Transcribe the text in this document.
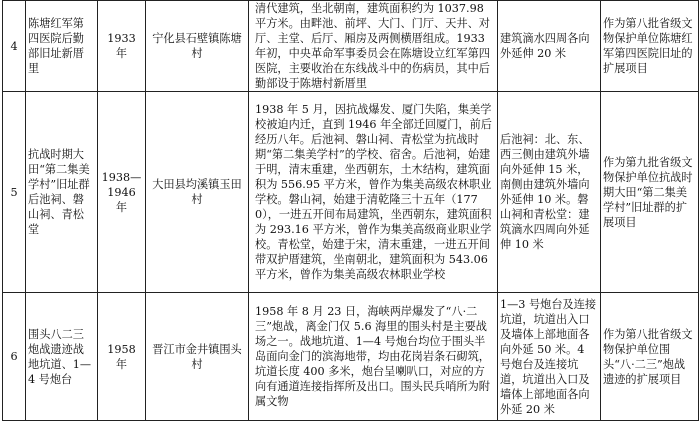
4	陈塘红军第四医院后勤部旧址新厝里	1933 年	宁化县石壁镇陈塘村	清代建筑，坐北朝南，建筑面积约为 1037.98 平方米。由畔池、前坪、大门、门厅、天井、对厅、主堂、后厅、厢房及两侧横厝组成。1933 年初，中央革命军事委员会在陈塘设立红军第四医院，主要收治在东线战斗中的伤病员，其中后勤部设于陈塘村新厝里	建筑滴水四周各向外延伸 20 米	作为第八批省级文物保护单位陈塘红军第四医院旧址的扩展项目
5	抗战时期大田“第二集美学村”旧址群后池祠、磐山祠、青松堂	1938— 1946 年	大田县均溪镇玉田村	1938 年 5 月，因抗战爆发、厦门失陷，集美学校被迫内迁，直到 1946 年全部迁回厦门，前后经历八年。后池祠、磐山祠、青松堂为抗战时期“第二集美学村”的学校、宿舍。后池祠，始建于明，清末重建，坐西朝东，土木结构，建筑面积为 556.95 平方米，曾作为集美高级农林职业学校。磐山祠，始建于清乾隆三十五年（1770），一进五开间布局建筑，坐西朝东，建筑面积为 293.16 平方米，曾作为集美高级商业职业学校。青松堂，始建于宋，清末重建，一进五开间带双护厝建筑，坐南朝北，建筑面积为 543.06 平方米，曾作为集美高级农林职业学校	后池祠：北、东、西三侧由建筑外墙向外延伸 15 米，南侧由建筑外墙向外延伸 10 米。磐山祠和青松堂：建筑滴水四周向外延伸 10 米	作为第九批省级文物保护单位抗战时期大田“第二集美学村”旧址群的扩展项目
6	围头八二三炮战遗迹战地坑道、1—4 号炮台	1958 年	晋江市金井镇围头村	1958 年 8 月 23 日，海峡两岸爆发了“八·二三”炮战，离金门仅 5.6 海里的围头村是主要战场之一。战地坑道、1—4 号炮台均位于围头半岛面向金门的滨海地带，均由花岗岩条石砌筑，坑道长度 400 多米，炮台呈喇叭口，对应的方向有通道连接指挥所及出口。围头民兵哨所为附属文物	1—3 号炮台及连接坑道，坑道出入口及墙体上部地面各向外延 50 米。4 号炮台及连接坑道，坑道出入口及墙体上部地面各向外延 20 米	作为第八批省级文物保护单位围头“八·二三”炮战遗迹的扩展项目
